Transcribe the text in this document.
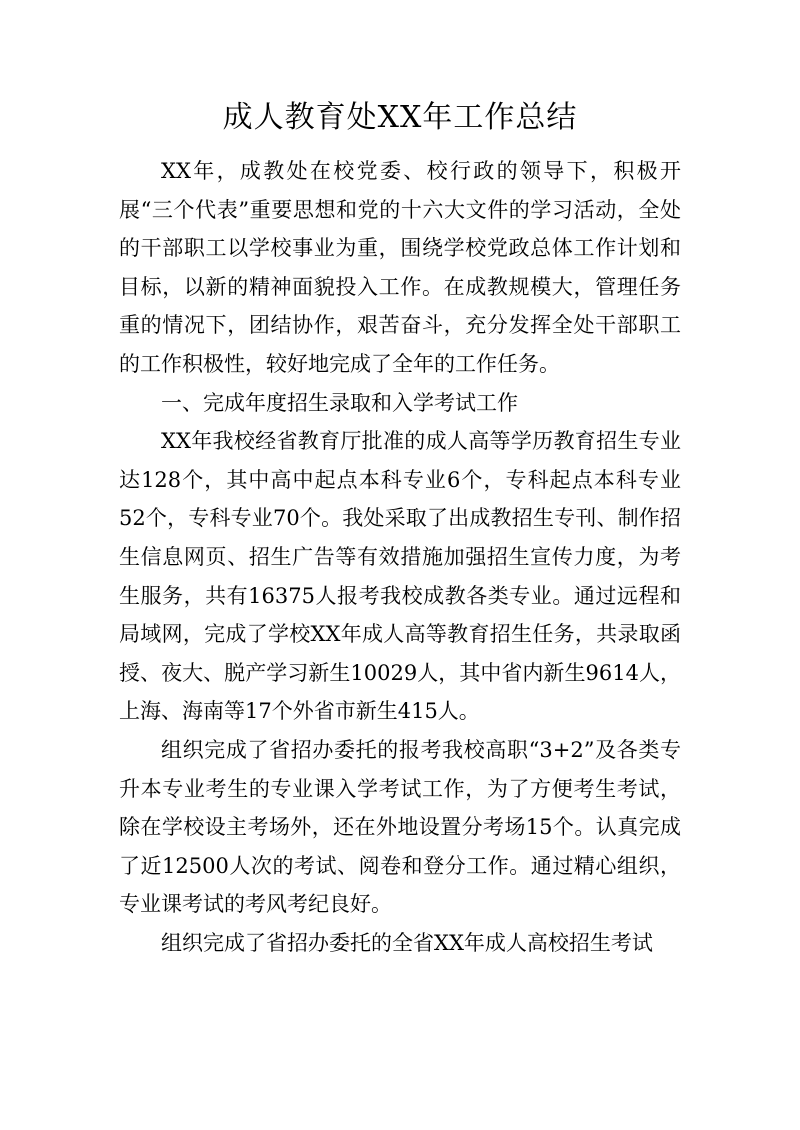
成人教育处XX年工作总结

XX年，成教处在校党委、校行政的领导下，积极开展“三个代表”重要思想和党的十六大文件的学习活动，全处的干部职工以学校事业为重，围绕学校党政总体工作计划和目标，以新的精神面貌投入工作。在成教规模大，管理任务重的情况下，团结协作，艰苦奋斗，充分发挥全处干部职工的工作积极性，较好地完成了全年的工作任务。

一、完成年度招生录取和入学考试工作

XX年我校经省教育厅批准的成人高等学历教育招生专业达128个，其中高中起点本科专业6个，专科起点本科专业52个，专科专业70个。我处采取了出成教招生专刊、制作招生信息网页、招生广告等有效措施加强招生宣传力度，为考生服务，共有16375人报考我校成教各类专业。通过远程和局域网，完成了学校XX年成人高等教育招生任务，共录取函授、夜大、脱产学习新生10029人，其中省内新生9614人，上海、海南等17个外省市新生415人。

组织完成了省招办委托的报考我校高职“3+2”及各类专升本专业考生的专业课入学考试工作，为了方便考生考试，除在学校设主考场外，还在外地设置分考场15个。认真完成了近12500人次的考试、阅卷和登分工作。通过精心组织，专业课考试的考风考纪良好。

组织完成了省招办委托的全省XX年成人高校招生考试
